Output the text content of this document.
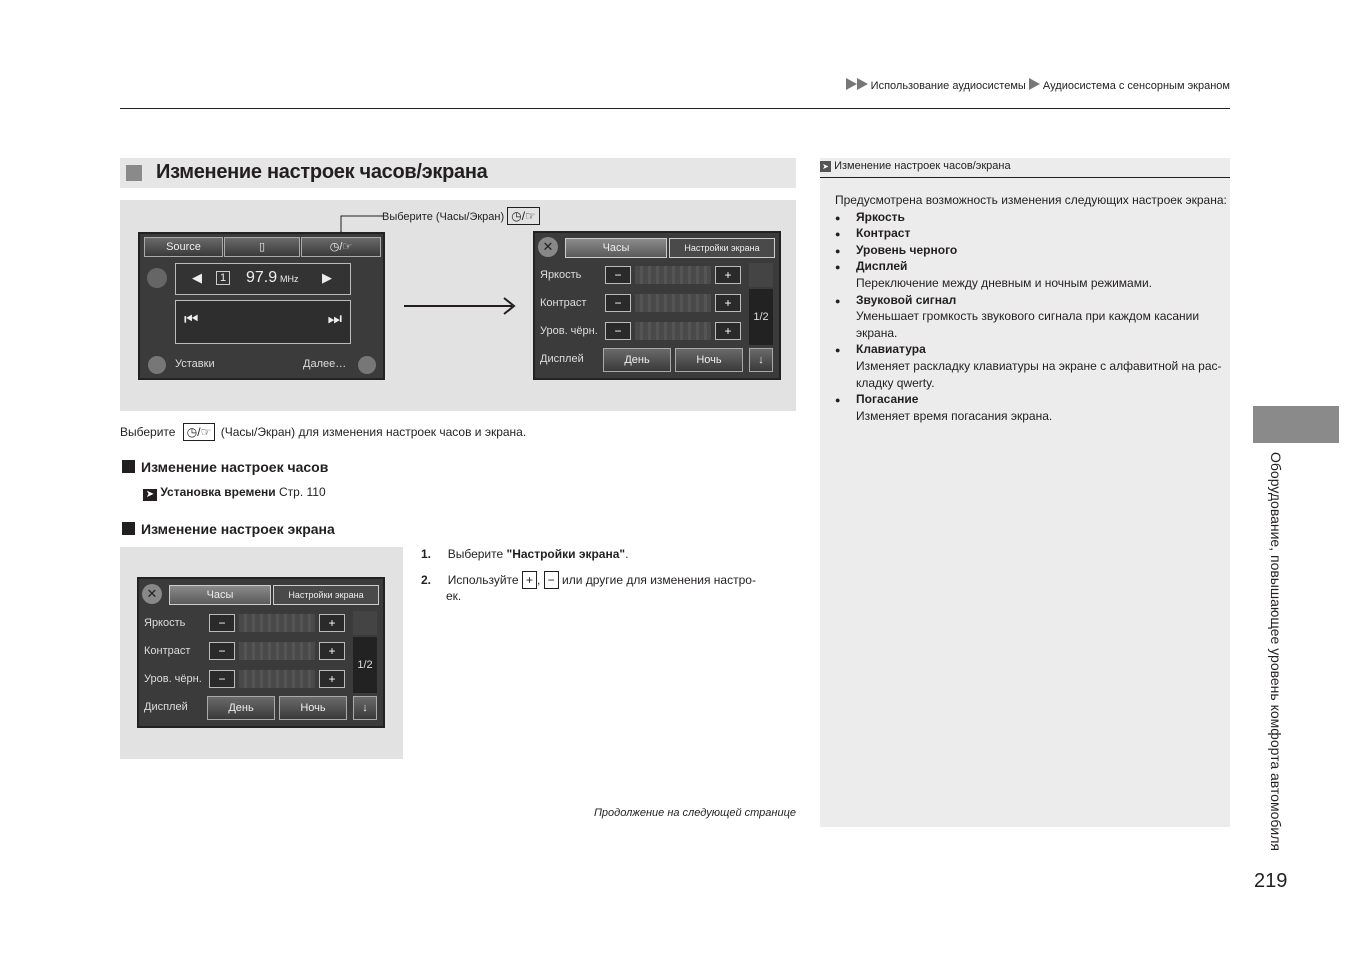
Использование аудиосистемы Аудиосистема с сенсорным экраном
Изменение настроек часов/экрана
Выберите (Часы/Экран) ◷/☞
Source	▯	◷/☞
◀	1 97.9 MHz ▶
⏮	⏭
Уставки	Далее…
✕	Часы	Настройки экрана
Яркость	−	+
Контраст	−	+
Уров. чёрн.	−	+
1/2
Дисплей	День	Ночь	↓
Выберите ◷/☞ (Часы/Экран) для изменения настроек часов и экрана.
Изменение настроек часов
➤ Установка времени Стр. 110
Изменение настроек экрана
✕	Часы	Настройки экрана
Яркость	−	+
Контраст	−	+
Уров. чёрн.	−	+
1/2
Дисплей	День	Ночь	↓
1. Выберите "Настройки экрана".
2. Используйте + , − или другие для изменения настро-
ек.
Продолжение на следующей странице
➤ Изменение настроек часов/экрана
Предусмотрена возможность изменения следующих настроек экрана:
● Яркость
● Контраст
● Уровень черного
● Дисплей
Переключение между дневным и ночным режимами.
● Звуковой сигнал
Уменьшает громкость звукового сигнала при каждом касании экрана.
● Клавиатура
Изменяет раскладку клавиатуры на экране с алфавитной на рас-кладку qwerty.
● Погасание
Изменяет время погасания экрана.
Оборудование, повышающее уровень комфорта автомобиля
219
